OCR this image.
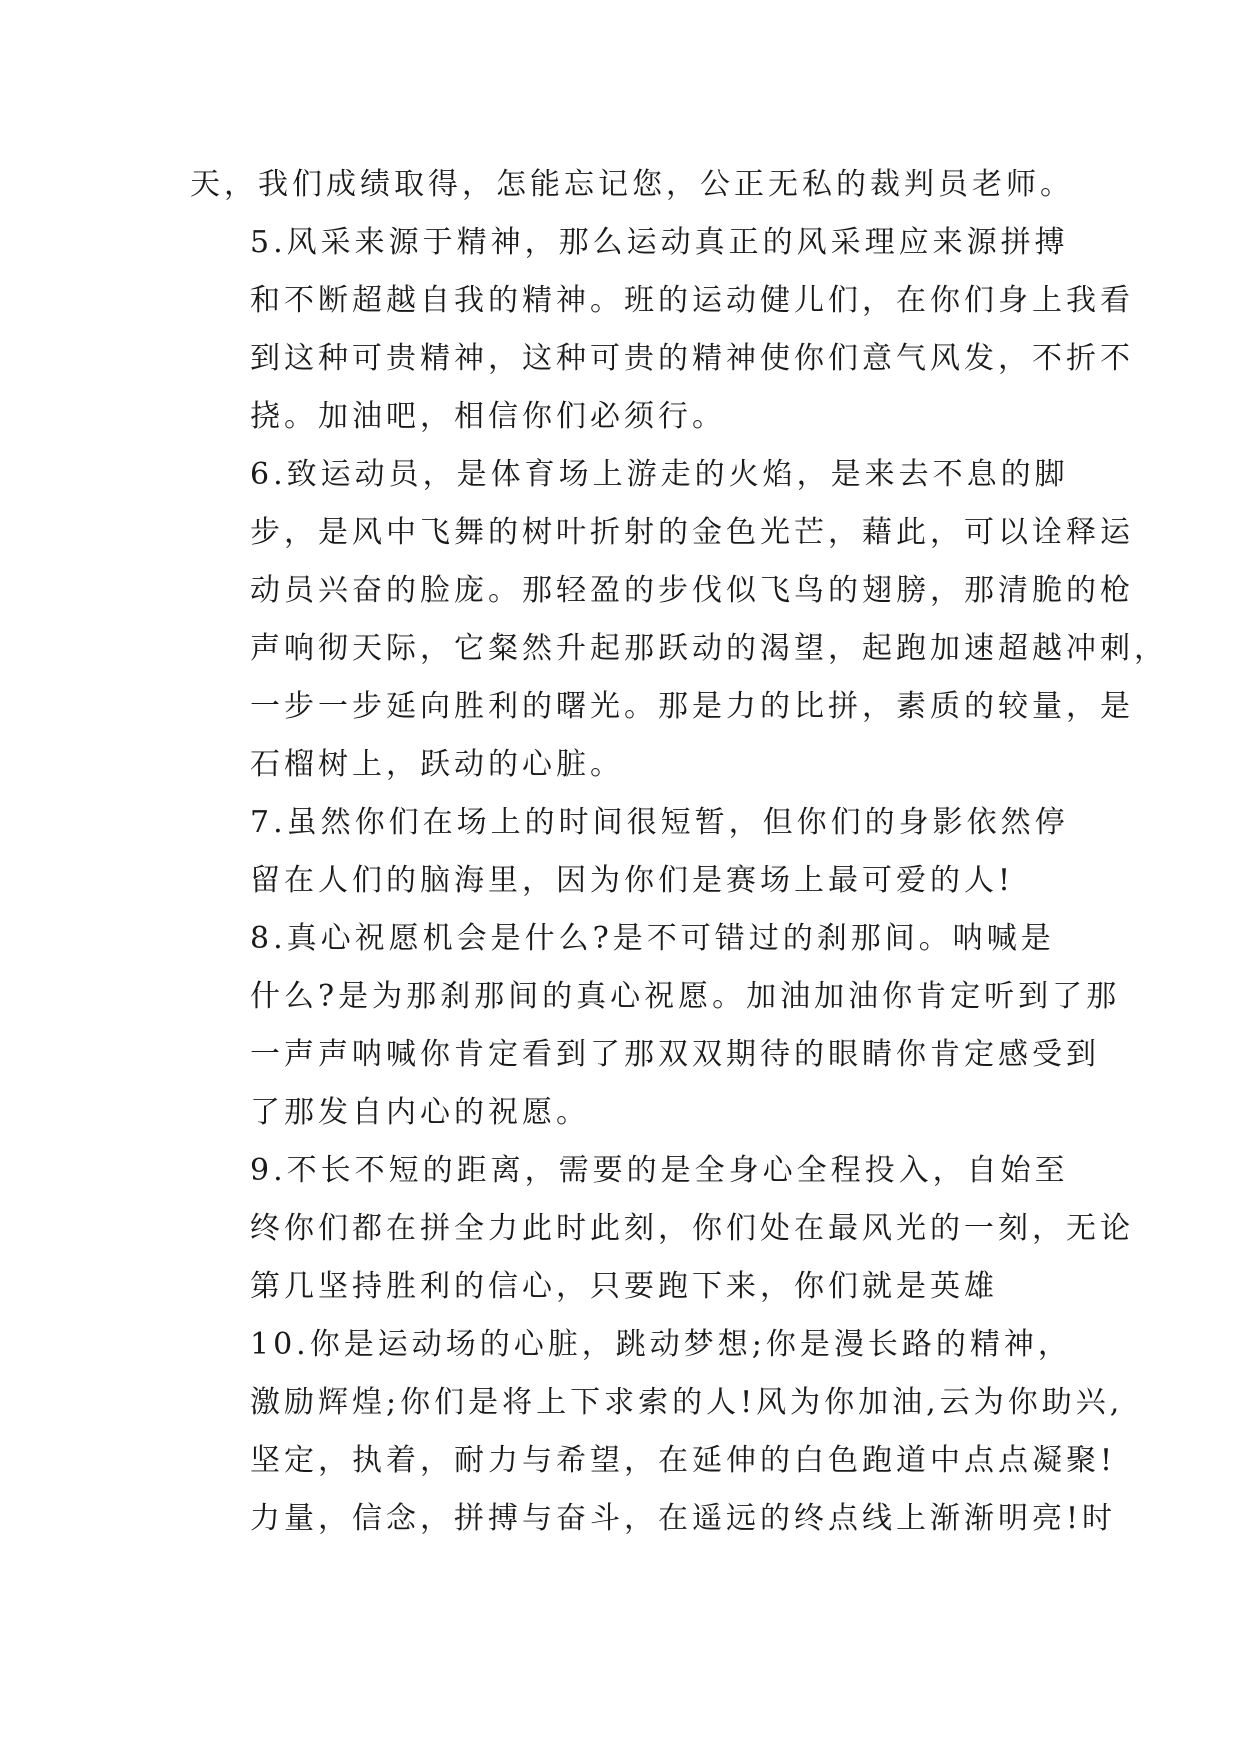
天，我们成绩取得，怎能忘记您，公正无私的裁判员老师。
5.风采来源于精神，那么运动真正的风采理应来源拼搏
和不断超越自我的精神。班的运动健儿们，在你们身上我看
到这种可贵精神，这种可贵的精神使你们意气风发，不折不
挠。加油吧，相信你们必须行。
6.致运动员，是体育场上游走的火焰，是来去不息的脚
步，是风中飞舞的树叶折射的金色光芒，藉此，可以诠释运
动员兴奋的脸庞。那轻盈的步伐似飞鸟的翅膀，那清脆的枪
声响彻天际，它粲然升起那跃动的渴望，起跑加速超越冲刺，
一步一步延向胜利的曙光。那是力的比拼，素质的较量，是
石榴树上，跃动的心脏。
7.虽然你们在场上的时间很短暂，但你们的身影依然停
留在人们的脑海里，因为你们是赛场上最可爱的人!
8.真心祝愿机会是什么?是不可错过的刹那间。呐喊是
什么?是为那刹那间的真心祝愿。加油加油你肯定听到了那
一声声呐喊你肯定看到了那双双期待的眼睛你肯定感受到
了那发自内心的祝愿。
9.不长不短的距离，需要的是全身心全程投入，自始至
终你们都在拼全力此时此刻，你们处在最风光的一刻，无论
第几坚持胜利的信心，只要跑下来，你们就是英雄
10.你是运动场的心脏，跳动梦想;你是漫长路的精神，
激励辉煌;你们是将上下求索的人!风为你加油,云为你助兴,
坚定，执着，耐力与希望，在延伸的白色跑道中点点凝聚!
力量，信念，拼搏与奋斗，在遥远的终点线上渐渐明亮!时
